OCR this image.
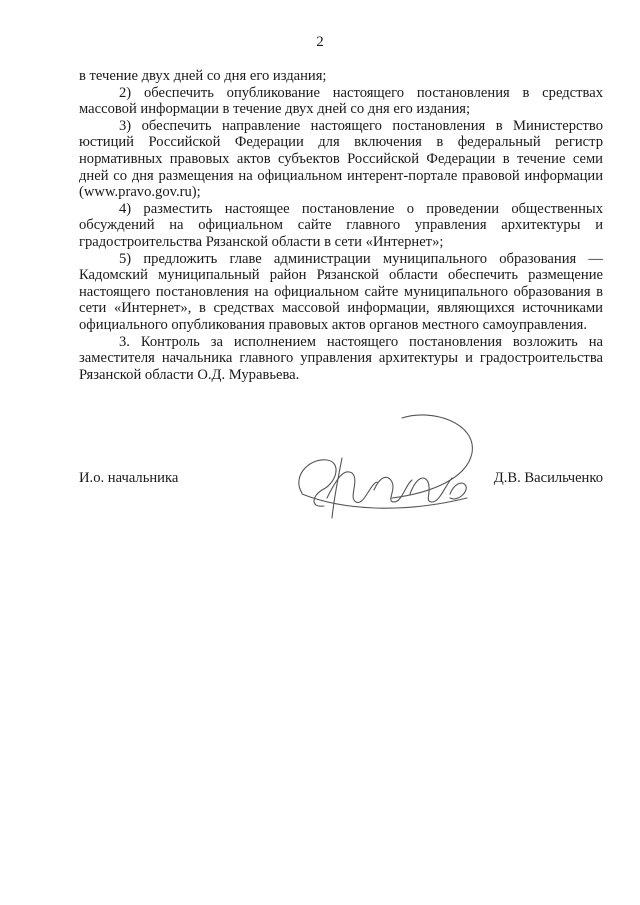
2

в течение двух дней со дня его издания;

2) обеспечить опубликование настоящего постановления в средствах массовой информации в течение двух дней со дня его издания;

3) обеспечить направление настоящего постановления в Министерство юстиций Российской Федерации для включения в федеральный регистр нормативных правовых актов субъектов Российской Федерации в течение семи дней со дня размещения на официальном интерент-портале правовой информации (www.pravo.gov.ru);

4) разместить настоящее постановление о проведении общественных обсуждений на официальном сайте главного управления архитектуры и градостроительства Рязанской области в сети «Интернет»;

5) предложить главе администрации муниципального образования — Кадомский муниципальный район Рязанской области обеспечить размещение настоящего постановления на официальном сайте муниципального образования в сети «Интернет», в средствах массовой информации, являющихся источниками официального опубликования правовых актов органов местного самоуправления.

3. Контроль за исполнением настоящего постановления возложить на заместителя начальника главного управления архитектуры и градостроительства Рязанской области О.Д. Муравьева.

И.о. начальника	Д.В. Васильченко
